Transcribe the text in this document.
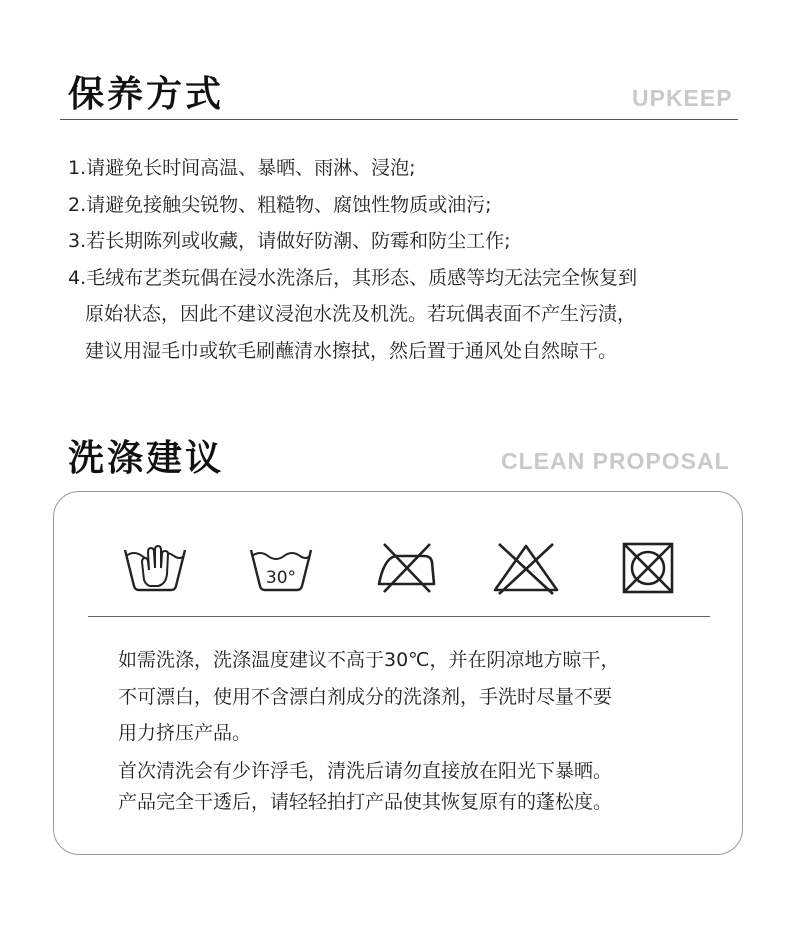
保养方式	UPKEEP
1.请避免长时间高温、暴晒、雨淋、浸泡;
2.请避免接触尖锐物、粗糙物、腐蚀性物质或油污;
3.若长期陈列或收藏，请做好防潮、防霉和防尘工作;
4.毛绒布艺类玩偶在浸水洗涤后，其形态、质感等均无法完全恢复到
原始状态，因此不建议浸泡水洗及机洗。若玩偶表面不产生污渍，
建议用湿毛巾或软毛刷蘸清水擦拭，然后置于通风处自然晾干。
洗涤建议	CLEAN PROPOSAL
30°

如需洗涤，洗涤温度建议不高于30℃，并在阴凉地方晾干，
不可漂白，使用不含漂白剂成分的洗涤剂，手洗时尽量不要
用力挤压产品。

首次清洗会有少许浮毛，清洗后请勿直接放在阳光下暴晒。
产品完全干透后，请轻轻拍打产品使其恢复原有的蓬松度。
